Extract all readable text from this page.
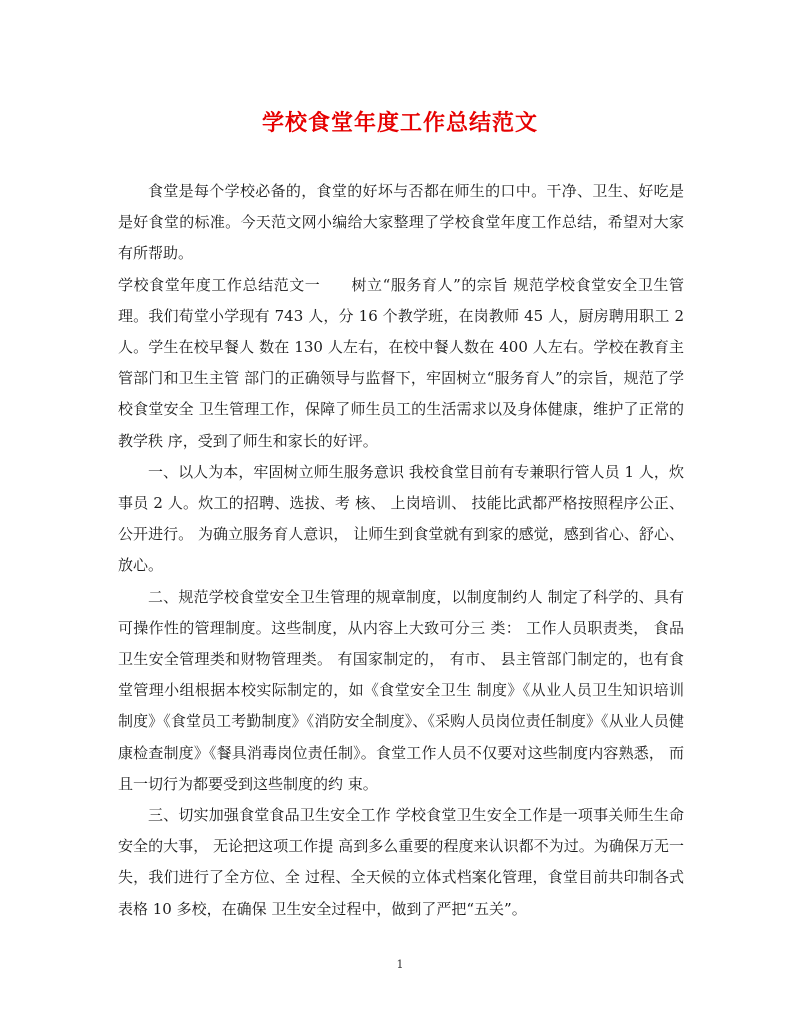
学校食堂年度工作总结范文

食堂是每个学校必备的，食堂的好坏与否都在师生的口中。干净、卫生、好吃是是好食堂的标准。今天范文网小编给大家整理了学校食堂年度工作总结，希望对大家有所帮助。

学校食堂年度工作总结范文一　　树立“服务育人”的宗旨 规范学校食堂安全卫生管理。我们荀堂小学现有 743 人，分 16 个教学班，在岗教师 45 人，厨房聘用职工 2 人。学生在校早餐人 数在 130 人左右，在校中餐人数在 400 人左右。学校在教育主管部门和卫生主管 部门的正确领导与监督下，牢固树立“服务育人”的宗旨，规范了学校食堂安全 卫生管理工作，保障了师生员工的生活需求以及身体健康，维护了正常的教学秩 序，受到了师生和家长的好评。

一、以人为本，牢固树立师生服务意识 我校食堂目前有专兼职行管人员 1 人，炊事员 2 人。炊工的招聘、选拔、考 核、 上岗培训、 技能比武都严格按照程序公正、 公开进行。 为确立服务育人意识， 让师生到食堂就有到家的感觉，感到省心、舒心、放心。

二、规范学校食堂安全卫生管理的规章制度，以制度制约人 制定了科学的、具有可操作性的管理制度。这些制度，从内容上大致可分三 类： 工作人员职责类， 食品卫生安全管理类和财物管理类。 有国家制定的， 有市、 县主管部门制定的，也有食堂管理小组根据本校实际制定的，如《食堂安全卫生 制度》《从业人员卫生知识培训制度》《食堂员工考勤制度》《消防安全制度》、《采购人员岗位责任制度》《从业人员健康检查制度》《餐具消毒岗位责任制》。食堂工作人员不仅要对这些制度内容熟悉， 而且一切行为都要受到这些制度的约 束。

三、切实加强食堂食品卫生安全工作 学校食堂卫生安全工作是一项事关师生生命安全的大事， 无论把这项工作提 高到多么重要的程度来认识都不为过。为确保万无一失，我们进行了全方位、全 过程、全天候的立体式档案化管理，食堂目前共印制各式表格 10 多校，在确保 卫生安全过程中，做到了严把“五关”。

1
